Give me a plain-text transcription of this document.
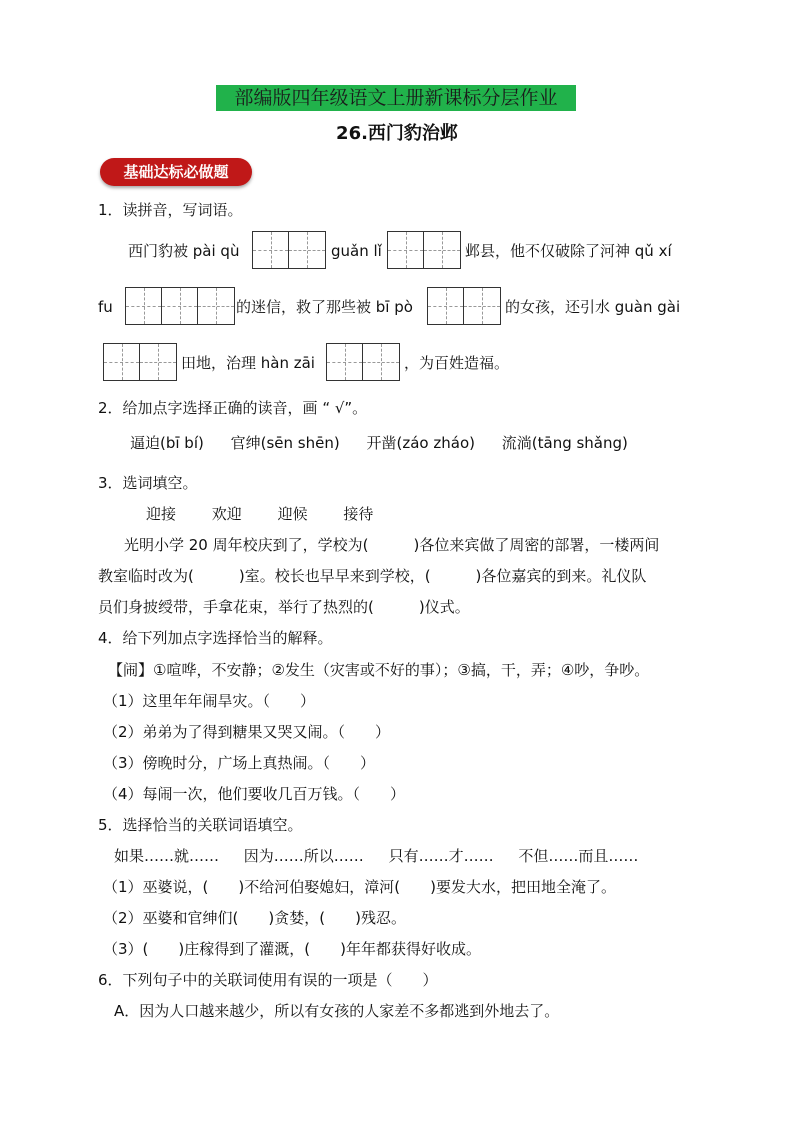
部编版四年级语文上册新课标分层作业
26.西门豹治邺
基础达标必做题
1．读拼音，写词语。
西门豹被 pài qù	guǎn lǐ	邺县，他不仅破除了河神 qǔ xí
fu	的迷信，救了那些被 bī pò	的女孩，还引水 guàn gài
田地，治理 hàn zāi	，为百姓造福。
2．给加点字选择正确的读音，画 “ √”。
逼迫(bī bí) 官绅(sēn shēn) 开凿(záo zháo) 流淌(tāng shǎng)
3．选词填空。
迎接 欢迎 迎候 接待
光明小学 20 周年校庆到了，学校为(　　　)各位来宾做了周密的部署，一楼两间
教室临时改为(　　　)室。校长也早早来到学校，(　　　)各位嘉宾的到来。礼仪队
员们身披绶带，手拿花束，举行了热烈的(　　　)仪式。
4．给下列加点字选择恰当的解释。
【闹】①喧哗，不安静；②发生（灾害或不好的事）；③搞，干，弄；④吵，争吵。
（1）这里年年闹旱灾。（　　）
（2）弟弟为了得到糖果又哭又闹。（　　）
（3）傍晚时分，广场上真热闹。（　　）
（4）每闹一次，他们要收几百万钱。（　　）
5．选择恰当的关联词语填空。
如果……就…… 因为……所以…… 只有……才…… 不但……而且……
（1）巫婆说，(　　)不给河伯娶媳妇，漳河(　　)要发大水，把田地全淹了。
（2）巫婆和官绅们(　　)贪婪，(　　)残忍。
（3）(　　)庄稼得到了灌溉，(　　)年年都获得好收成。
6．下列句子中的关联词使用有误的一项是（　　）
A．因为人口越来越少，所以有女孩的人家差不多都逃到外地去了。
